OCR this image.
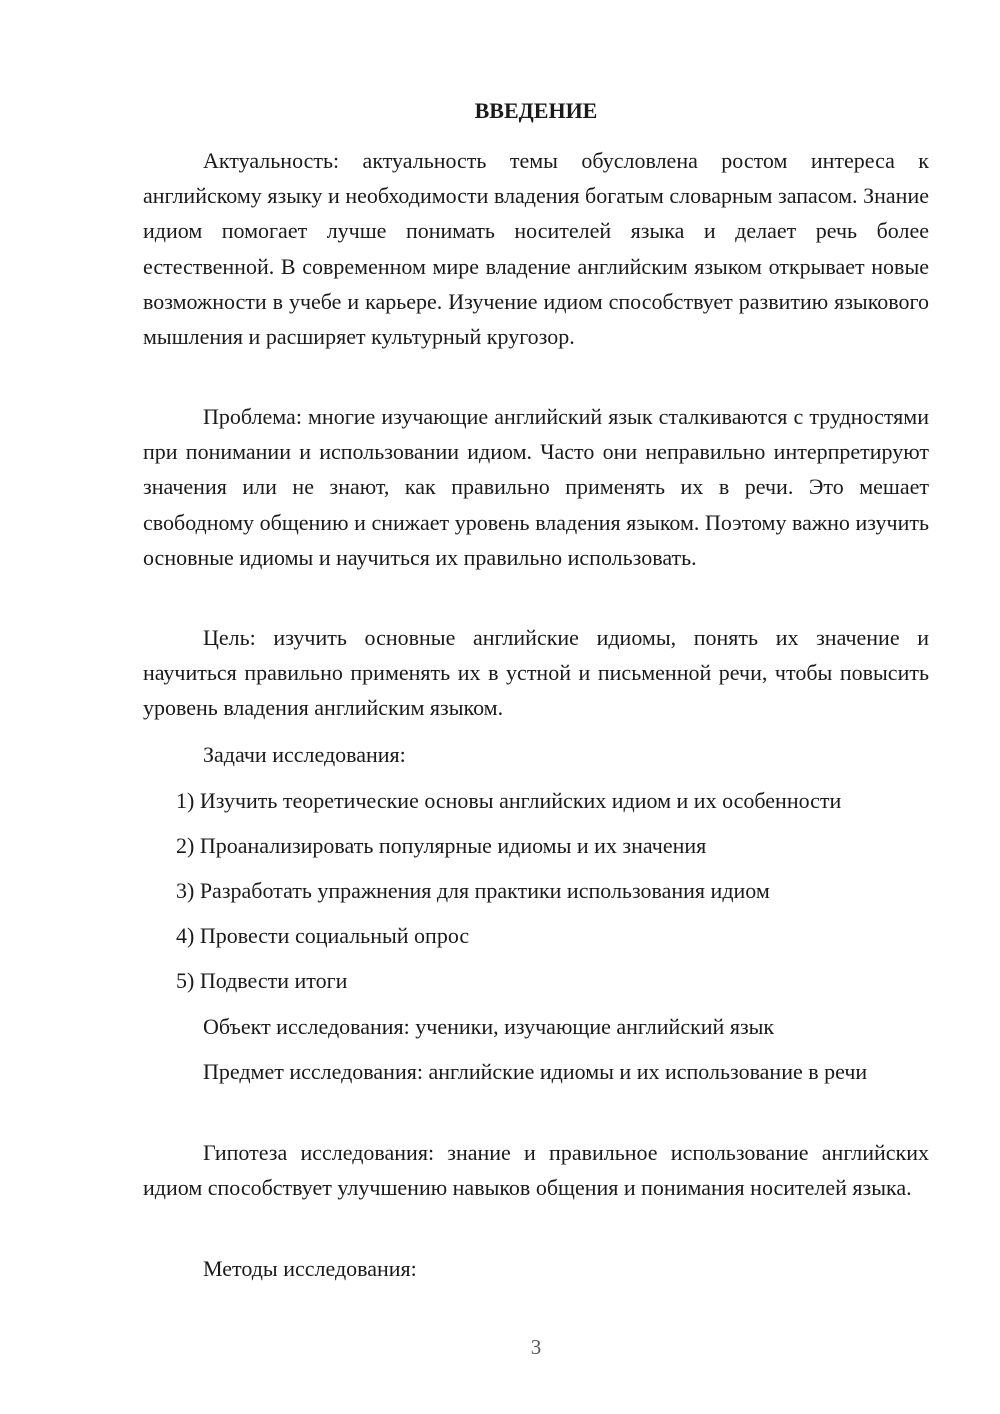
ВВЕДЕНИЕ

Актуальность: актуальность темы обусловлена ростом интереса к английскому языку и необходимости владения богатым словарным запасом. Знание идиом помогает лучше понимать носителей языка и делает речь более естественной. В современном мире владение английским языком открывает новые возможности в учебе и карьере. Изучение идиом способствует развитию языкового мышления и расширяет культурный кругозор.

Проблема: многие изучающие английский язык сталкиваются с трудностями при понимании и использовании идиом. Часто они неправильно интерпретируют значения или не знают, как правильно применять их в речи. Это мешает свободному общению и снижает уровень владения языком. Поэтому важно изучить основные идиомы и научиться их правильно использовать.

Цель: изучить основные английские идиомы, понять их значение и научиться правильно применять их в устной и письменной речи, чтобы повысить уровень владения английским языком.

Задачи исследования:
1) Изучить теоретические основы английских идиом и их особенности
2) Проанализировать популярные идиомы и их значения
3) Разработать упражнения для практики использования идиом
4) Провести социальный опрос
5) Подвести итоги
Объект исследования: ученики, изучающие английский язык

Предмет исследования: английские идиомы и их использование в речи

Гипотеза исследования: знание и правильное использование английских идиом способствует улучшению навыков общения и понимания носителей языка.

Методы исследования:
3
